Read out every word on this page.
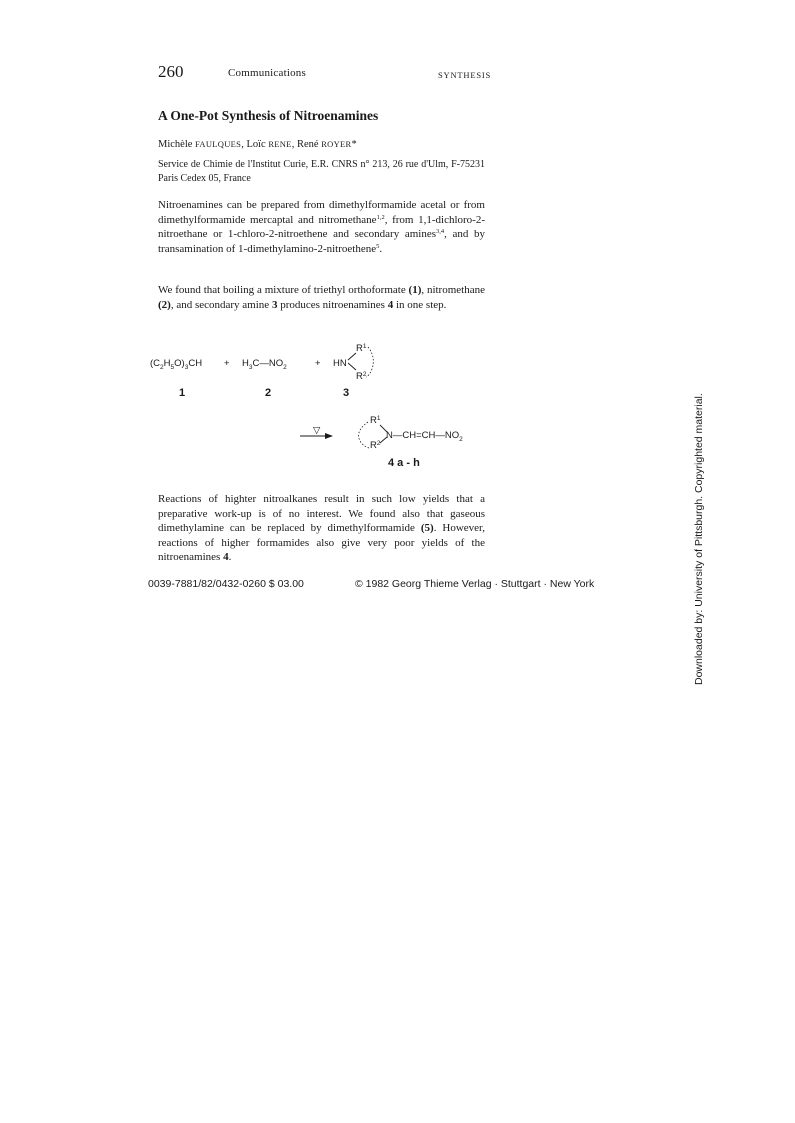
260	Communications	SYNTHESIS
A One-Pot Synthesis of Nitroenamines
Michèle FAULQUES, Loïc RENE, René ROYER*
Service de Chimie de l'Institut Curie, E.R. CNRS n° 213, 26 rue d'Ulm, F-75231 Paris Cedex 05, France
Nitroenamines can be prepared from dimethylformamide acetal or from dimethylformamide mercaptal and nitromethane$^{1,2}$, from 1,1-dichloro-2-nitroethane or 1-chloro-2-nitroethene and secondary amines$^{3,4}$, and by transamination of 1-dimethylamino-2-nitroethene$^5$.
We found that boiling a mixture of triethyl orthoformate (1), nitromethane (2), and secondary amine 3 produces nitroenamines 4 in one step.
$(C_2H_5O)_3CH$ + $H_3C—NO_2$	+ HN
$R^1$
$R^2$
1	2	3
▽
$R^1$
$R^2$
$N—CH=CH—NO_2$
4 a - h
Reactions of highter nitroalkanes result in such low yields that a preparative work-up is of no interest. We found also that gaseous dimethylamine can be replaced by dimethylformamide (5). However, reactions of higher formamides also give very poor yields of the nitroenamines 4.
0039-7881/82/0432-0260 $ 03.00	© 1982 Georg Thieme Verlag · Stuttgart · New York	Downloaded by: University of Pittsburgh. Copyrighted material.
